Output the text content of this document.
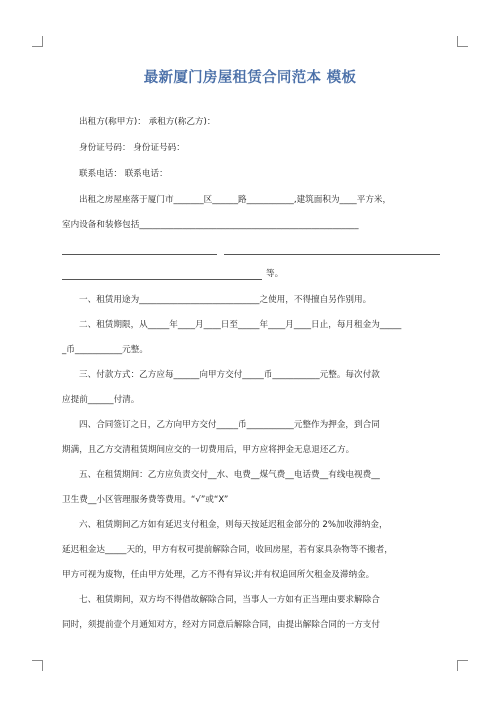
最新厦门房屋租赁合同范本 模板
出租方(称甲方)： 承租方(称乙方)：
身份证号码： 身份证号码：
联系电话： 联系电话：
出租之房屋座落于厦门市_______区______路___________,建筑面积为____平方米，
室内设备和装修包括___________________________________________________
等。
一、租赁用途为____________________________之使用，不得擅自另作别用。
二、租赁期限，从_____年____月____日至_____年____月____日止，每月租金为_____
_币___________元整。
三、付款方式：乙方应每______向甲方交付_____币___________元整。每次付款
应提前______付清。
四、合同签订之日，乙方向甲方交付_____币___________元整作为押金，到合同
期满，且乙方交清租赁期间应交的一切费用后，甲方应将押金无息退还乙方。
五、在租赁期间：乙方应负责交付__水、电费__煤气费__电话费__有线电视费__
卫生费__小区管理服务费等费用。“√”或“X”
六、租赁期间乙方如有延迟支付租金，则每天按延迟租金部分的 2%加收滞纳金，
延迟租金达_____天的，甲方有权可提前解除合同，收回房屋，若有家具杂物等不搬者，
甲方可视为废物，任由甲方处理，乙方不得有异议;并有权追回所欠租金及滞纳金。
七、租赁期间，双方均不得借故解除合同，当事人一方如有正当理由要求解除合
同时，须提前壹个月通知对方，经对方同意后解除合同，由提出解除合同的一方支付
